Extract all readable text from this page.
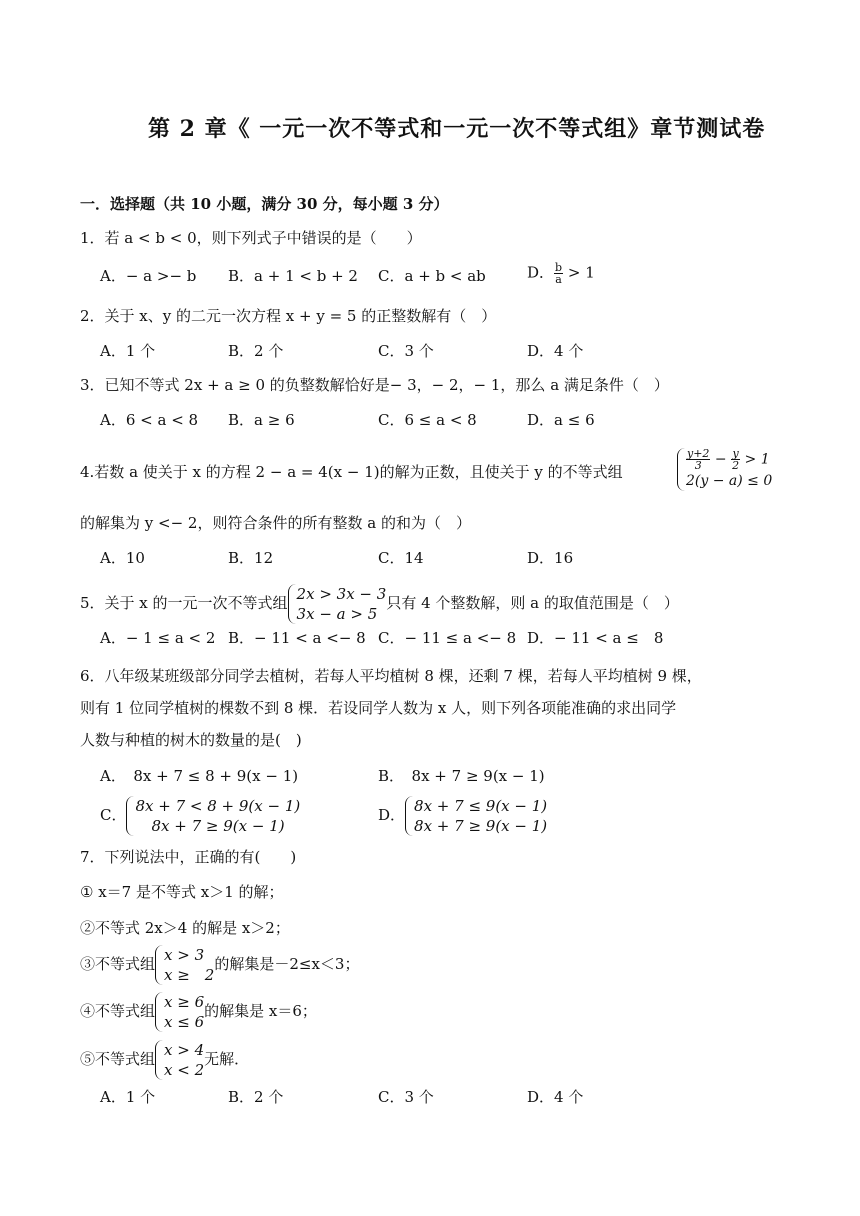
第 2 章《 一元一次不等式和一元一次不等式组》章节测试卷
一．选择题（共 10 小题，满分 30 分，每小题 3 分）
1．若 a < b < 0，则下列式子中错误的是（　　）
A．− a >− b B．a + 1 < b + 2 C．a + b < ab	D． $\frac{b}{a} > 1$
2．关于 x、y 的二元一次方程 x + y = 5 的正整数解有（　）
A．1 个	B．2 个	C．3 个	D．4 个
3．已知不等式 2x + a ≥ 0 的负整数解恰好是− 3，− 2，− 1，那么 a 满足条件（　）
A．6 < a < 8 B．a ≥ 6	C．6 ≤ a < 8	D．a ≤ 6
4.若数 a 使关于 x 的方程 2 − a = 4(x − 1)的解为正数，且使关于 y 的不等式组
$\frac{y+2}{3} - \frac{y}{2} > 1$
2(y − a) ≤ 0
的解集为 y <− 2，则符合条件的所有整数 a 的和为（　）
A．10	B．12	C．14	D．16
5．关于 x 的一元一次不等式组 2x > 3x − 3
3x − a > 5
只有 4 个整数解，则 a 的取值范围是（　）
A．− 1 ≤ a < 2 B．− 11 < a <− 8 C．− 11 ≤ a <− 8 D．− 11 < a ≤　8
6．八年级某班级部分同学去植树，若每人平均植树 8 棵，还剩 7 棵，若每人平均植树 9 棵，
则有 1 位同学植树的棵数不到 8 棵．若设同学人数为 x 人，则下列各项能准确的求出同学
人数与种植的树木的数量的是(　)
A．　8x + 7 ≤ 8 + 9(x − 1)	B．　8x + 7 ≥ 9(x − 1)
C． 8x + 7 < 8 + 9(x − 1)
8x + 7 ≥ 9(x − 1)
D． 8x + 7 ≤ 9(x − 1)
8x + 7 ≥ 9(x − 1)
7．下列说法中，正确的有(　　)
① x＝7 是不等式 x＞1 的解；
②不等式 2x＞4 的解是 x＞2；
③不等式组 x > 3
x ≥　2
的解集是－2≤x＜3；
④不等式组 x ≥ 6
x ≤ 6
的解集是 x＝6；
⑤不等式组 x > 4
x < 2
无解．
A．1 个	B．2 个	C．3 个	D．4 个
